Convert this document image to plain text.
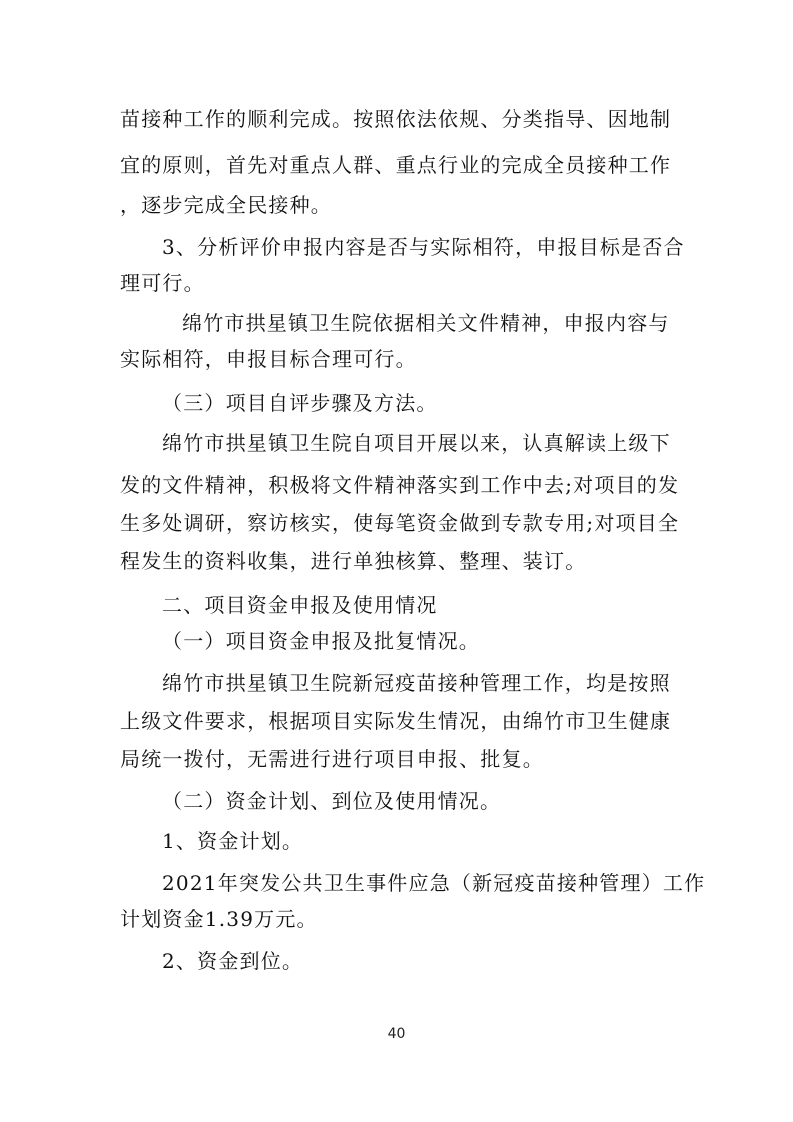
苗接种工作的顺利完成。按照依法依规、分类指导、因地制
宜的原则，首先对重点人群、重点行业的完成全员接种工作
，逐步完成全民接种。
3、分析评价申报内容是否与实际相符，申报目标是否合
理可行。
绵竹市拱星镇卫生院依据相关文件精神，申报内容与
实际相符，申报目标合理可行。
（三）项目自评步骤及方法。
绵竹市拱星镇卫生院自项目开展以来，认真解读上级下
发的文件精神，积极将文件精神落实到工作中去;对项目的发
生多处调研，察访核实，使每笔资金做到专款专用;对项目全
程发生的资料收集，进行单独核算、整理、装订。
二、项目资金申报及使用情况
（一）项目资金申报及批复情况。
绵竹市拱星镇卫生院新冠疫苗接种管理工作，均是按照
上级文件要求，根据项目实际发生情况，由绵竹市卫生健康
局统一拨付，无需进行进行项目申报、批复。
（二）资金计划、到位及使用情况。
1、资金计划。
2021年突发公共卫生事件应急（新冠疫苗接种管理）工作
计划资金1.39万元。
2、资金到位。
40
